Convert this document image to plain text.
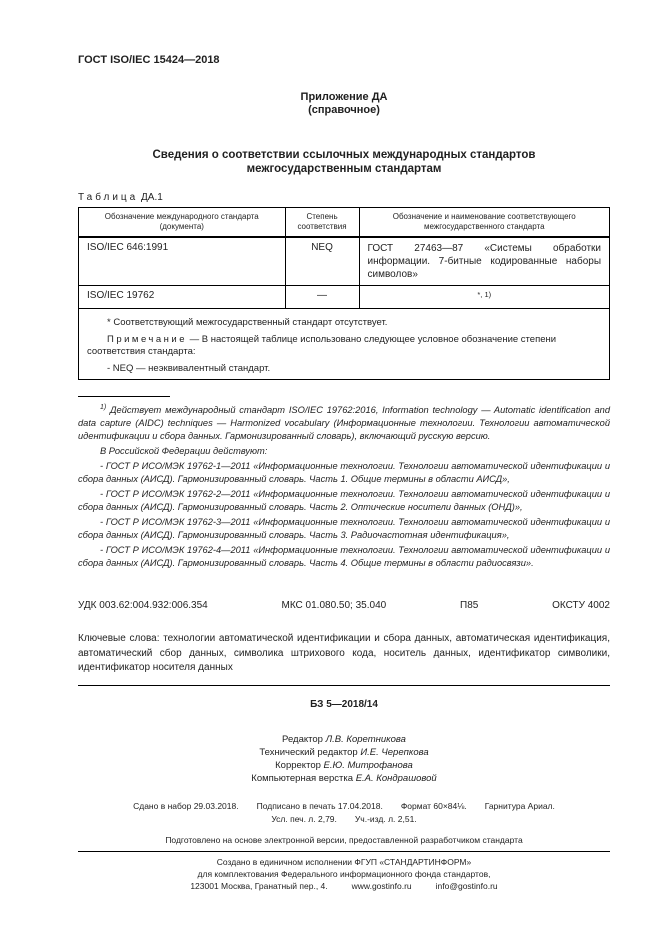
ГОСТ ISO/IEC 15424—2018
Приложение ДА
(справочное)
Сведения о соответствии ссылочных международных стандартов
межгосударственным стандартам
Таблица ДА.1
Обозначение международного стандарта (документа)	Степень соответствия	Обозначение и наименование соответствующего межгосударственного стандарта
ISO/IEC 646:1991	NEQ	ГОСТ 27463—87 «Системы обработки информации. 7-битные кодированные наборы символов»
ISO/IEC 19762	—	*, 1)

* Соответствующий межгосударственный стандарт отсутствует.

Примечание — В настоящей таблице использовано следующее условное обозначение степени соответствия стандарта:

- NEQ — неэквивалентный стандарт.		

$^{1)}$ Действует международный стандарт ISO/IEC 19762:2016, Information technology — Automatic identification and data capture (AIDC) techniques — Harmonized vocabulary (Информационные технологии. Технологии автоматической идентификации и сбора данных. Гармонизированный словарь), включающий русскую версию.

В Российской Федерации действуют:

- ГОСТ Р ИСО/МЭК 19762-1—2011 «Информационные технологии. Технологии автоматической идентификации и сбора данных (АИСД). Гармонизированный словарь. Часть 1. Общие термины в области АИСД»,

- ГОСТ Р ИСО/МЭК 19762-2—2011 «Информационные технологии. Технологии автоматической идентификации и сбора данных (АИСД). Гармонизированный словарь. Часть 2. Оптические носители данных (ОНД)»,

- ГОСТ Р ИСО/МЭК 19762-3—2011 «Информационные технологии. Технологии автоматической идентификации и сбора данных (АИСД). Гармонизированный словарь. Часть 3. Радиочастотная идентификация»,

- ГОСТ Р ИСО/МЭК 19762-4—2011 «Информационные технологии. Технологии автоматической идентификации и сбора данных (АИСД). Гармонизированный словарь. Часть 4. Общие термины в области радиосвязи».

УДК 003.62:004.932:006.354	МКС 01.080.50; 35.040	П85	ОКСТУ 4002
Ключевые слова: технологии автоматической идентификации и сбора данных, автоматическая идентификация, автоматический сбор данных, символика штрихового кода, носитель данных, идентификатор символики, идентификатор носителя данных
БЗ 5—2018/14
Редактор Л.В. Коретникова
Технический редактор И.Е. Черепкова
Корректор Е.Ю. Митрофанова
Компьютерная верстка Е.А. Кондрашовой
Сдано в набор 29.03.2018. Подписано в печать 17.04.2018. Формат 60×84⅛. Гарнитура Ариал.
Усл. печ. л. 2,79. Уч.-изд. л. 2,51.
Подготовлено на основе электронной версии, предоставленной разработчиком стандарта
Создано в единичном исполнении ФГУП «СТАНДАРТИНФОРМ»
для комплектования Федерального информационного фонда стандартов,
123001 Москва, Гранатный пер., 4.	www.gostinfo.ru	info@gostinfo.ru
